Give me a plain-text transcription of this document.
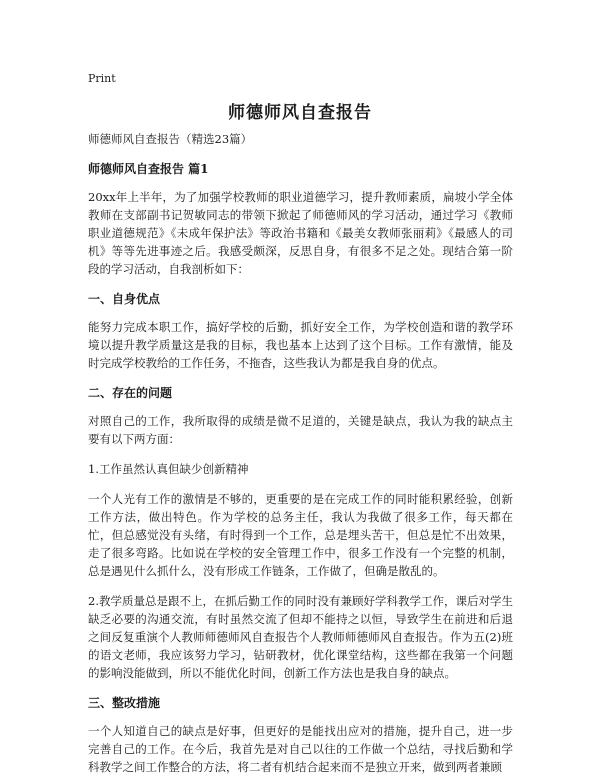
Print
师德师风自查报告
师德师风自查报告（精选23篇）
师德师风自查报告 篇1

20xx年上半年，为了加强学校教师的职业道德学习，提升教师素质，扁坡小学全体教师在支部副书记贺敏同志的带领下掀起了师德师风的学习活动，通过学习《教师职业道德规范》《未成年保护法》等政治书籍和《最美女教师张丽莉》《最感人的司机》等等先进事迹之后。我感受颇深，反思自身，有很多不足之处。现结合第一阶段的学习活动，自我剖析如下：

一、自身优点

能努力完成本职工作，搞好学校的后勤，抓好安全工作，为学校创造和谐的教学环境以提升教学质量这是我的目标，我也基本上达到了这个目标。工作有激情，能及时完成学校教给的工作任务，不拖杳，这些我认为都是我自身的优点。

二、存在的问题

对照自己的工作，我所取得的成绩是微不足道的，关键是缺点，我认为我的缺点主要有以下两方面：

1.工作虽然认真但缺少创新精神

一个人光有工作的激情是不够的，更重要的是在完成工作的同时能积累经验，创新工作方法，做出特色。作为学校的总务主任，我认为我做了很多工作，每天都在忙，但总感觉没有头绪，有时得到一个工作，总是埋头苦干，但总是忙不出效果，走了很多弯路。比如说在学校的安全管理工作中，很多工作没有一个完整的机制，总是遇见什么抓什么，没有形成工作链条，工作做了，但确是散乱的。

2.教学质量总是跟不上，在抓后勤工作的同时没有兼顾好学科教学工作，课后对学生缺乏必要的沟通交流，有时虽然交流了但却不能持之以恒，导致学生在前进和后退之间反复重演个人教师师德师风自查报告个人教师师德师风自查报告。作为五(2)班的语文老师，我应该努力学习，钻研教材，优化课堂结构，这些都在我第一个问题的影响没能做到，所以不能优化时间，创新工作方法也是我自身的缺点。

三、整改措施

一个人知道自己的缺点是好事，但更好的是能找出应对的措施，提升自己，进一步完善自己的工作。在今后，我首先是对自己以往的工作做一个总结，寻找后勤和学科教学之间工作整合的方法，将二者有机结合起来而不是独立开来，做到两者兼顾
